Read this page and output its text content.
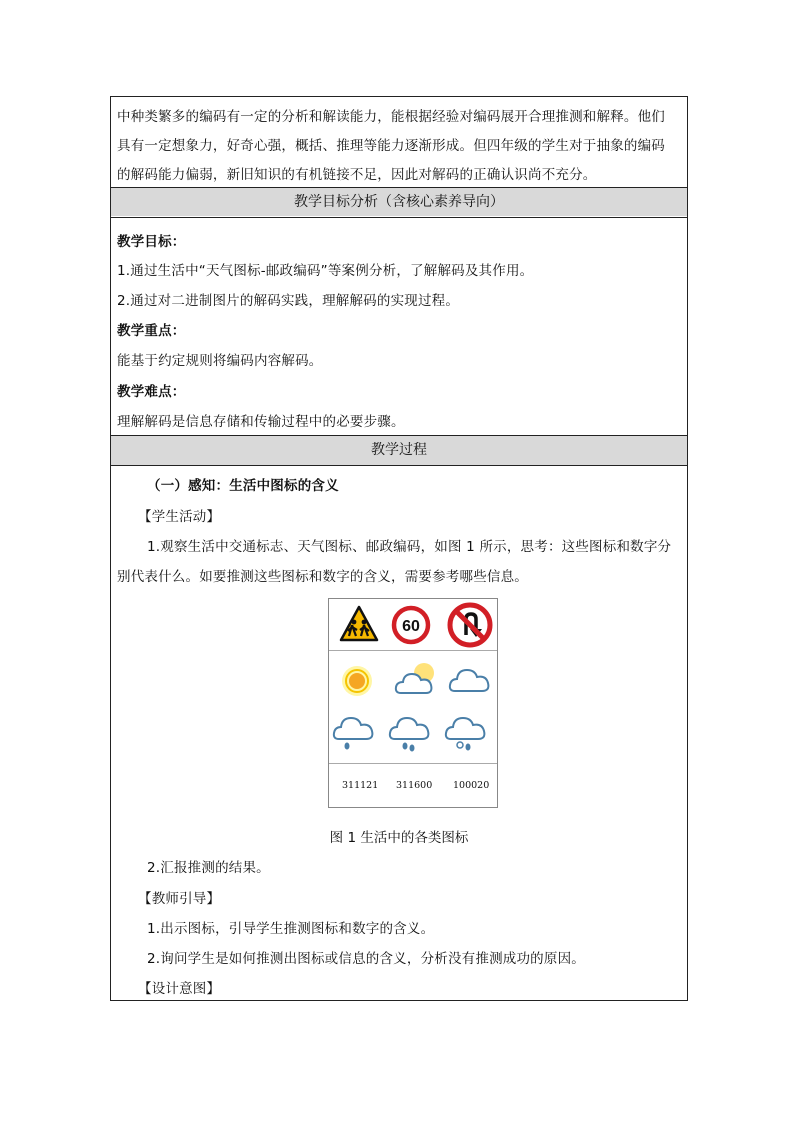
中种类繁多的编码有一定的分析和解读能力，能根据经验对编码展开合理推测和解释。他们
具有一定想象力，好奇心强，概括、推理等能力逐渐形成。但四年级的学生对于抽象的编码
的解码能力偏弱，新旧知识的有机链接不足，因此对解码的正确认识尚不充分。
教学目标分析（含核心素养导向）
教学目标：
1.通过生活中“天气图标-邮政编码”等案例分析，了解解码及其作用。
2.通过对二进制图片的解码实践，理解解码的实现过程。
教学重点：
能基于约定规则将编码内容解码。
教学难点：
理解解码是信息存储和传输过程中的必要步骤。
教学过程
（一）感知：生活中图标的含义
【学生活动】
1.观察生活中交通标志、天气图标、邮政编码，如图 1 所示，思考：这些图标和数字分
别代表什么。如要推测这些图标和数字的含义，需要参考哪些信息。
60
311121 311600 100020
图 1 生活中的各类图标
2.汇报推测的结果。
【教师引导】
1.出示图标，引导学生推测图标和数字的含义。
2.询问学生是如何推测出图标或信息的含义，分析没有推测成功的原因。
【设计意图】
